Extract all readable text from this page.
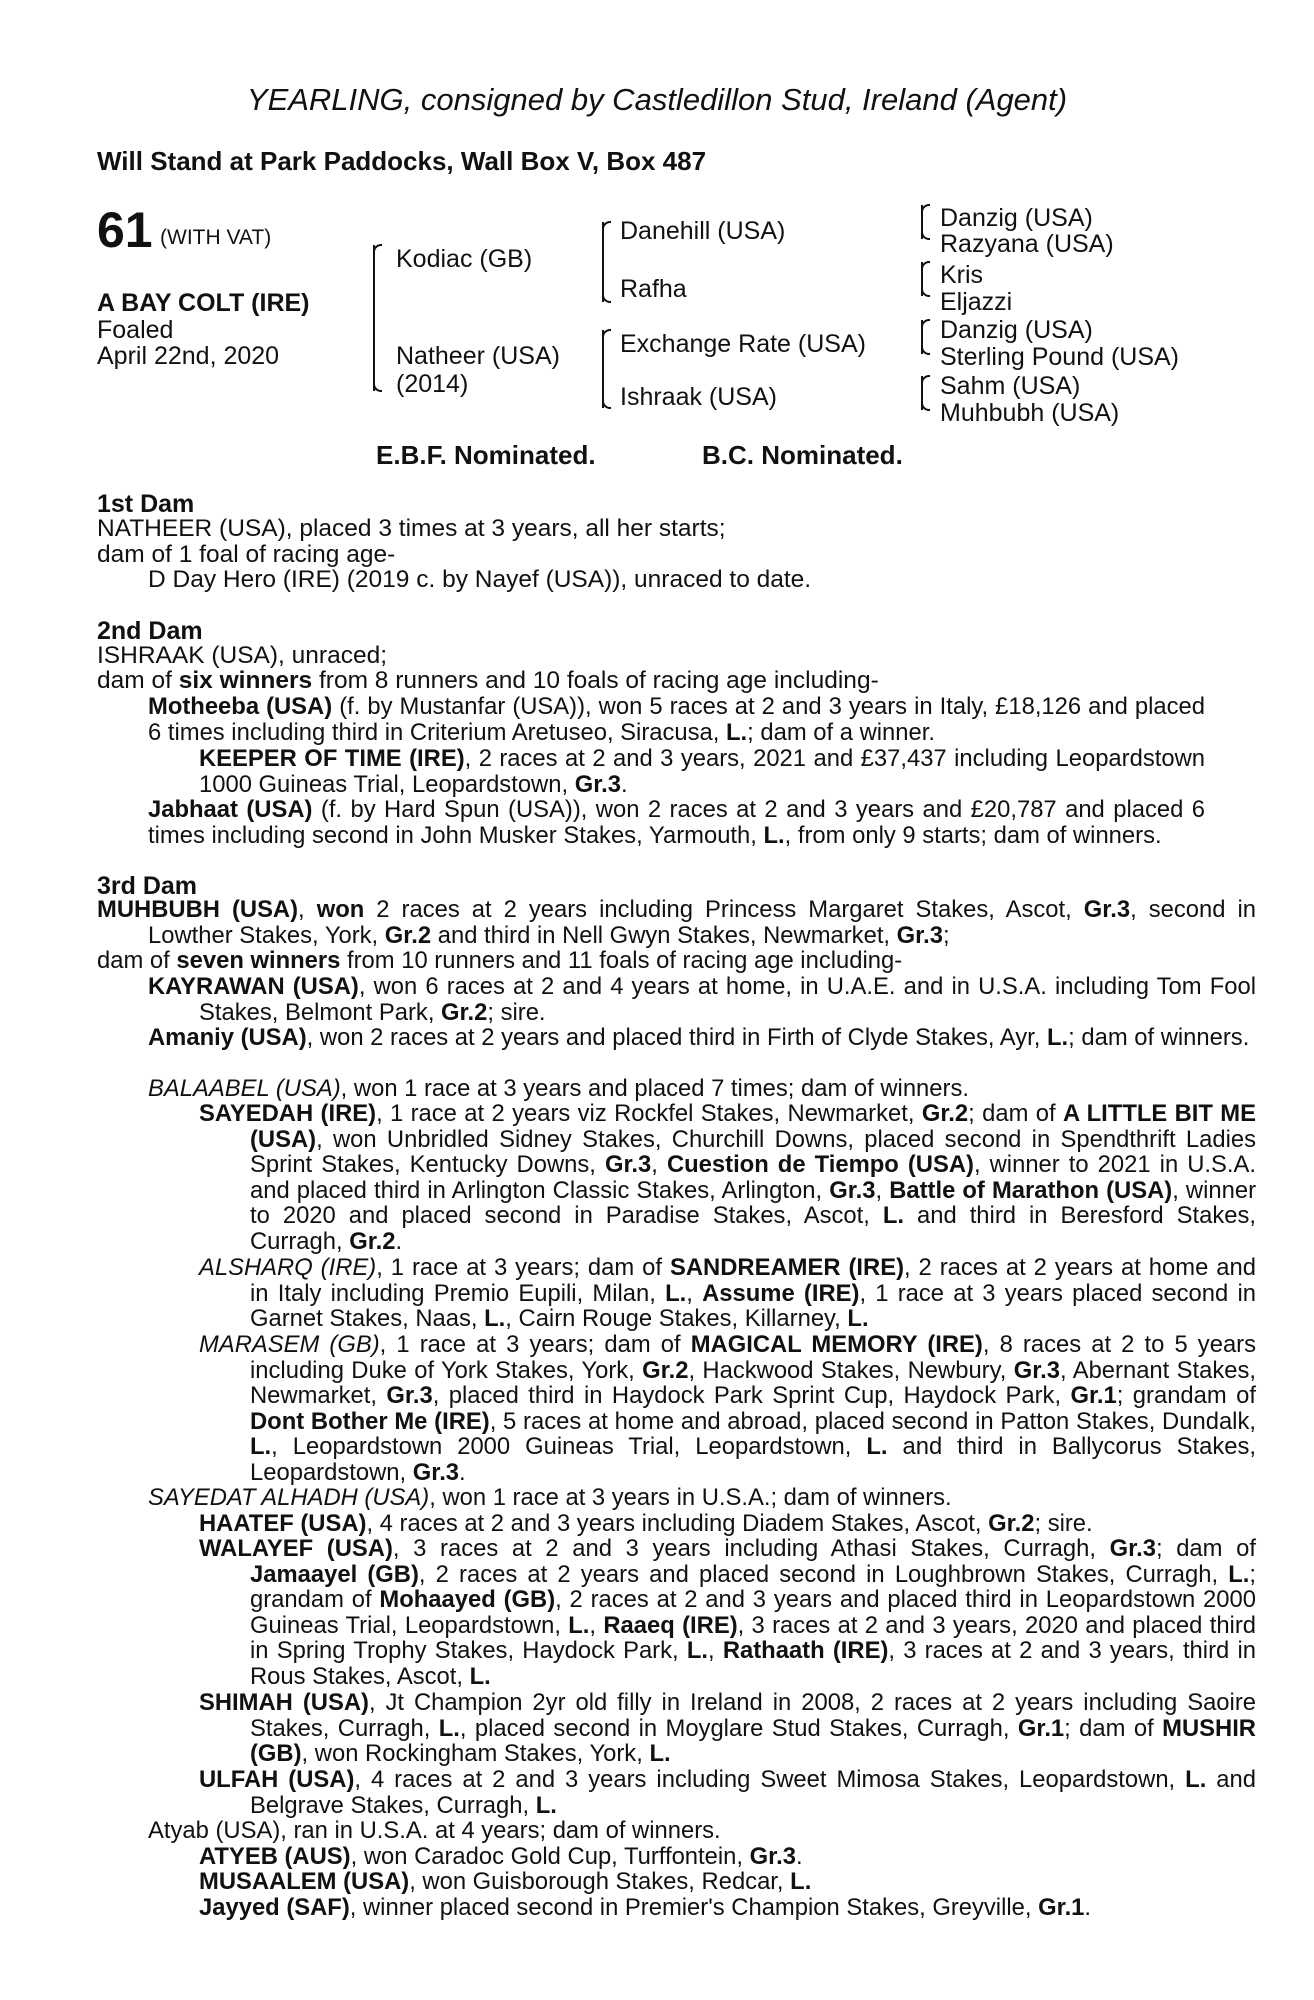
YEARLING, consigned by Castledillon Stud, Ireland (Agent)
Will Stand at Park Paddocks, Wall Box V, Box 487
61 (WITH VAT)
A BAY COLT (IRE)
Foaled
April 22nd, 2020
Kodiac (GB)
Natheer (USA)
(2014)
Danehill (USA)
Rafha
Exchange Rate (USA)
Ishraak (USA)
Danzig (USA)
Razyana (USA)
Kris
Eljazzi
Danzig (USA)
Sterling Pound (USA)
Sahm (USA)
Muhbubh (USA)
E.B.F. Nominated.	B.C. Nominated.
1st Dam
NATHEER (USA), placed 3 times at 3 years, all her starts;
dam of 1 foal of racing age-
D Day Hero (IRE) (2019 c. by Nayef (USA)), unraced to date.
2nd Dam
ISHRAAK (USA), unraced;
dam of six winners from 8 runners and 10 foals of racing age including-
Motheeba (USA) (f. by Mustanfar (USA)), won 5 races at 2 and 3 years in Italy, £18,126 and placed 6 times including third in Criterium Aretuseo, Siracusa, L.; dam of a winner.
KEEPER OF TIME (IRE), 2 races at 2 and 3 years, 2021 and £37,437 including Leopardstown 1000 Guineas Trial, Leopardstown, Gr.3.
Jabhaat (USA) (f. by Hard Spun (USA)), won 2 races at 2 and 3 years and £20,787 and placed 6 times including second in John Musker Stakes, Yarmouth, L., from only 9 starts; dam of winners.
3rd Dam
MUHBUBH (USA), won 2 races at 2 years including Princess Margaret Stakes, Ascot, Gr.3, second in Lowther Stakes, York, Gr.2 and third in Nell Gwyn Stakes, Newmarket, Gr.3;
dam of seven winners from 10 runners and 11 foals of racing age including-
KAYRAWAN (USA), won 6 races at 2 and 4 years at home, in U.A.E. and in U.S.A. including Tom Fool Stakes, Belmont Park, Gr.2; sire.
Amaniy (USA), won 2 races at 2 years and placed third in Firth of Clyde Stakes, Ayr, L.; dam of winners.
BALAABEL (USA), won 1 race at 3 years and placed 7 times; dam of winners.
SAYEDAH (IRE), 1 race at 2 years viz Rockfel Stakes, Newmarket, Gr.2; dam of A LITTLE BIT ME (USA), won Unbridled Sidney Stakes, Churchill Downs, placed second in Spendthrift Ladies Sprint Stakes, Kentucky Downs, Gr.3, Cuestion de Tiempo (USA), winner to 2021 in U.S.A. and placed third in Arlington Classic Stakes, Arlington, Gr.3, Battle of Marathon (USA), winner to 2020 and placed second in Paradise Stakes, Ascot, L. and third in Beresford Stakes, Curragh, Gr.2.
ALSHARQ (IRE), 1 race at 3 years; dam of SANDREAMER (IRE), 2 races at 2 years at home and in Italy including Premio Eupili, Milan, L., Assume (IRE), 1 race at 3 years placed second in Garnet Stakes, Naas, L., Cairn Rouge Stakes, Killarney, L.
MARASEM (GB), 1 race at 3 years; dam of MAGICAL MEMORY (IRE), 8 races at 2 to 5 years including Duke of York Stakes, York, Gr.2, Hackwood Stakes, Newbury, Gr.3, Abernant Stakes, Newmarket, Gr.3, placed third in Haydock Park Sprint Cup, Haydock Park, Gr.1; grandam of Dont Bother Me (IRE), 5 races at home and abroad, placed second in Patton Stakes, Dundalk, L., Leopardstown 2000 Guineas Trial, Leopardstown, L. and third in Ballycorus Stakes, Leopardstown, Gr.3.
SAYEDAT ALHADH (USA), won 1 race at 3 years in U.S.A.; dam of winners.
HAATEF (USA), 4 races at 2 and 3 years including Diadem Stakes, Ascot, Gr.2; sire.
WALAYEF (USA), 3 races at 2 and 3 years including Athasi Stakes, Curragh, Gr.3; dam of Jamaayel (GB), 2 races at 2 years and placed second in Loughbrown Stakes, Curragh, L.; grandam of Mohaayed (GB), 2 races at 2 and 3 years and placed third in Leopardstown 2000 Guineas Trial, Leopardstown, L., Raaeq (IRE), 3 races at 2 and 3 years, 2020 and placed third in Spring Trophy Stakes, Haydock Park, L., Rathaath (IRE), 3 races at 2 and 3 years, third in Rous Stakes, Ascot, L.
SHIMAH (USA), Jt Champion 2yr old filly in Ireland in 2008, 2 races at 2 years including Saoire Stakes, Curragh, L., placed second in Moyglare Stud Stakes, Curragh, Gr.1; dam of MUSHIR (GB), won Rockingham Stakes, York, L.
ULFAH (USA), 4 races at 2 and 3 years including Sweet Mimosa Stakes, Leopardstown, L. and Belgrave Stakes, Curragh, L.
Atyab (USA), ran in U.S.A. at 4 years; dam of winners.
ATYEB (AUS), won Caradoc Gold Cup, Turffontein, Gr.3.
MUSAALEM (USA), won Guisborough Stakes, Redcar, L.
Jayyed (SAF), winner placed second in Premier's Champion Stakes, Greyville, Gr.1.
